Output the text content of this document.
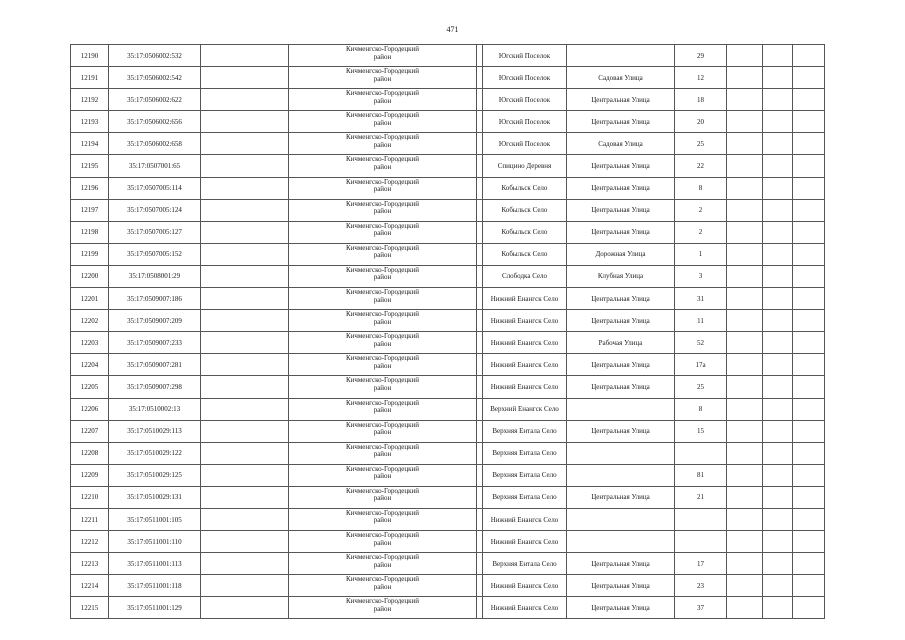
471
12190	35:17:0506002:532		Кичменгско-Городецкий
район		Югский Поселок		29			
12191	35:17:0506002:542		Кичменгско-Городецкий
район		Югский Поселок	Садовая Улица	12			
12192	35:17:0506002:622		Кичменгско-Городецкий
район		Югский Поселок	Центральная Улица	18			
12193	35:17:0506002:656		Кичменгско-Городецкий
район		Югский Поселок	Центральная Улица	20			
12194	35:17:0506002:658		Кичменгско-Городецкий
район		Югский Поселок	Садовая Улица	25			
12195	35:17:0507001:65		Кичменгско-Городецкий
район		Спицино Деревня	Центральная Улица	22			
12196	35:17:0507005:114		Кичменгско-Городецкий
район		Кобыльск Село	Центральная Улица	8			
12197	35:17:0507005:124		Кичменгско-Городецкий
район		Кобыльск Село	Центральная Улица	2			
12198	35:17:0507005:127		Кичменгско-Городецкий
район		Кобыльск Село	Центральная Улица	2			
12199	35:17:0507005:152		Кичменгско-Городецкий
район		Кобыльск Село	Дорожная Улица	1			
12200	35:17:0508001:29		Кичменгско-Городецкий
район		Слободка Село	Клубная Улица	3			
12201	35:17:0509007:186		Кичменгско-Городецкий
район		Нижний Енангск Село	Центральная Улица	31			
12202	35:17:0509007:209		Кичменгско-Городецкий
район		Нижний Енангск Село	Центральная Улица	11			
12203	35:17:0509007:233		Кичменгско-Городецкий
район		Нижний Енангск Село	Рабочая Улица	52			
12204	35:17:0509007:281		Кичменгско-Городецкий
район		Нижний Енангск Село	Центральная Улица	17а			
12205	35:17:0509007:298		Кичменгско-Городецкий
район		Нижний Енангск Село	Центральная Улица	25			
12206	35:17:0510002:13		Кичменгско-Городецкий
район		Верхний Енангск Село		8			
12207	35:17:0510029:113		Кичменгско-Городецкий
район		Верхняя Ентала Село	Центральная Улица	15			
12208	35:17:0510029:122		Кичменгско-Городецкий
район		Верхняя Ентала Село					
12209	35:17:0510029:125		Кичменгско-Городецкий
район		Верхняя Ентала Село		81			
12210	35:17:0510029:131		Кичменгско-Городецкий
район		Верхняя Ентала Село	Центральная Улица	21			
12211	35:17:0511001:105		Кичменгско-Городецкий
район		Нижний Енангск Село					
12212	35:17:0511001:110		Кичменгско-Городецкий
район		Нижний Енангск Село					
12213	35:17:0511001:113		Кичменгско-Городецкий
район		Верхняя Ентала Село	Центральная Улица	17			
12214	35:17:0511001:118		Кичменгско-Городецкий
район		Нижний Енангск Село	Центральная Улица	23			
12215	35:17:0511001:129		Кичменгско-Городецкий
район		Нижний Енангск Село	Центральная Улица	37			
